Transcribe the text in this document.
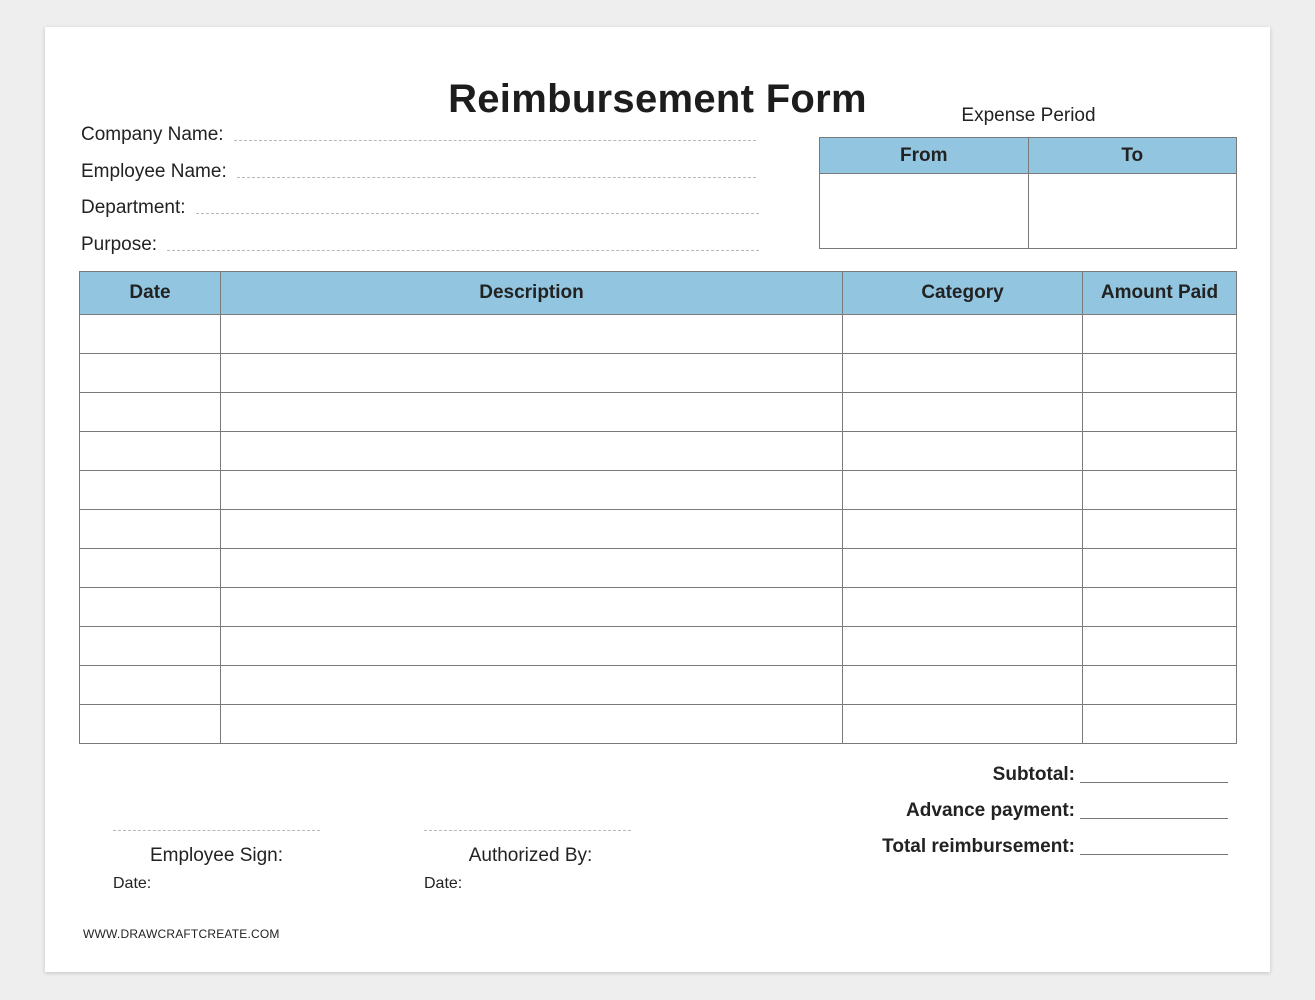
Reimbursement Form
Company Name:
Employee Name:
Department:
Purpose:
Expense Period
From	To

Date	Description	Category	Amount Paid

Subtotal:
Advance payment:
Total reimbursement:
Employee Sign:
Date:
Authorized By:
Date:
WWW.DRAWCRAFTCREATE.COM
